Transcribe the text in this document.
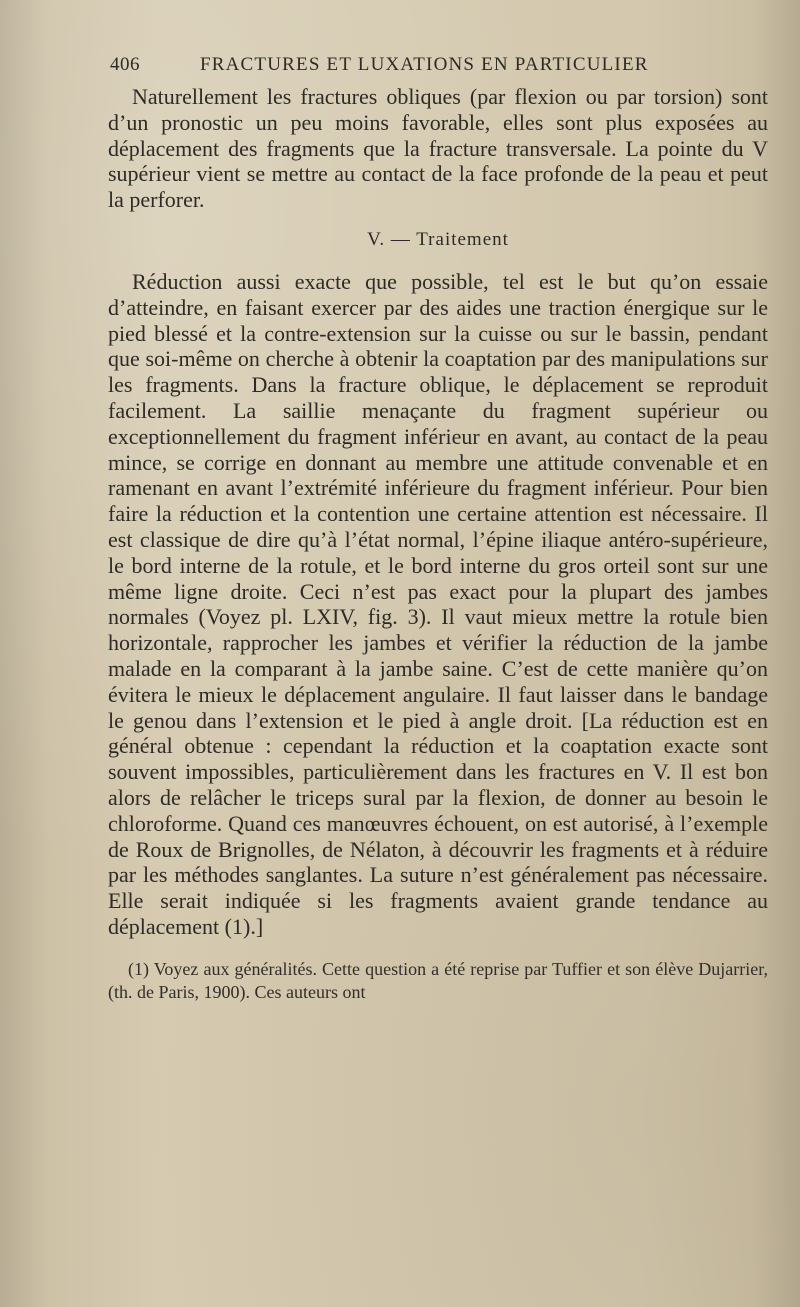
406	FRACTURES ET LUXATIONS EN PARTICULIER

Naturellement les fractures obliques (par flexion ou par torsion) sont d’un pronostic un peu moins favorable, elles sont plus exposées au déplacement des fragments que la fracture transversale. La pointe du V supérieur vient se mettre au contact de la face profonde de la peau et peut la perforer.

V. — Traitement

Réduction aussi exacte que possible, tel est le but qu’on essaie d’atteindre, en faisant exercer par des aides une traction énergique sur le pied blessé et la contre-extension sur la cuisse ou sur le bassin, pendant que soi-même on cherche à obtenir la coaptation par des manipulations sur les fragments. Dans la fracture oblique, le déplacement se reproduit facilement. La saillie menaçante du fragment supérieur ou exceptionnellement du fragment inférieur en avant, au contact de la peau mince, se corrige en donnant au membre une attitude convenable et en ramenant en avant l’extrémité inférieure du fragment inférieur. Pour bien faire la réduction et la contention une certaine attention est nécessaire. Il est classique de dire qu’à l’état normal, l’épine iliaque antéro-supérieure, le bord interne de la rotule, et le bord interne du gros orteil sont sur une même ligne droite. Ceci n’est pas exact pour la plupart des jambes normales (Voyez pl. LXIV, fig. 3). Il vaut mieux mettre la rotule bien horizontale, rapprocher les jambes et vérifier la réduction de la jambe malade en la comparant à la jambe saine. C’est de cette manière qu’on évitera le mieux le déplacement angulaire. Il faut laisser dans le bandage le genou dans l’extension et le pied à angle droit. [La réduction est en général obtenue : cependant la réduction et la coaptation exacte sont souvent impossibles, particulièrement dans les fractures en V. Il est bon alors de relâcher le triceps sural par la flexion, de donner au besoin le chloroforme. Quand ces manœuvres échouent, on est autorisé, à l’exemple de Roux de Brignolles, de Nélaton, à découvrir les fragments et à réduire par les méthodes sanglantes. La suture n’est généralement pas nécessaire. Elle serait indiquée si les fragments avaient grande tendance au déplacement (1).]

(1) Voyez aux généralités. Cette question a été reprise par Tuffier et son élève Dujarrier, (th. de Paris, 1900). Ces auteurs ont
